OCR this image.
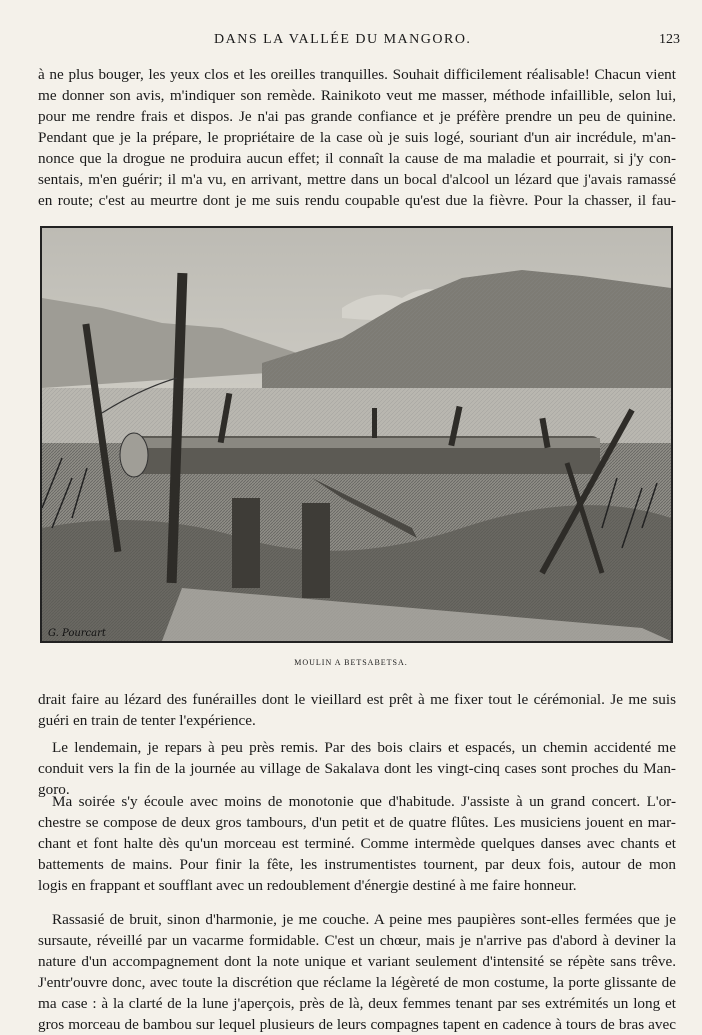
DANS LA VALLÉE DU MANGORO.	123

à ne plus bouger, les yeux clos et les oreilles tranquilles. Souhait difficilement réalisable! Chacun vient
me donner son avis, m'indiquer son remède. Rainikoto veut me masser, méthode infaillible, selon lui,
pour me rendre frais et dispos. Je n'ai pas grande confiance et je préfère prendre un peu de quinine.
Pendant que je la prépare, le propriétaire de la case où je suis logé, souriant d'un air incrédule, m'an-
nonce que la drogue ne produira aucun effet; il connaît la cause de ma maladie et pourrait, si j'y con-
sentais, m'en guérir; il m'a vu, en arrivant, mettre dans un bocal d'alcool un lézard que j'avais ramassé
en route; c'est au meurtre dont je me suis rendu coupable qu'est due la fièvre. Pour la chasser, il fau-

G. Pourcart
MOULIN A BETSABETSA.

drait faire au lézard des funérailles dont le vieillard est prêt à me fixer tout le cérémonial. Je me suis
guéri en train de tenter l'expérience.

Le lendemain, je repars à peu près remis. Par des bois clairs et espacés, un chemin accidenté me
conduit vers la fin de la journée au village de Sakalava dont les vingt-cinq cases sont proches du Man-
goro.

Ma soirée s'y écoule avec moins de monotonie que d'habitude. J'assiste à un grand concert. L'or-
chestre se compose de deux gros tambours, d'un petit et de quatre flûtes. Les musiciens jouent en mar-
chant et font halte dès qu'un morceau est terminé. Comme intermède quelques danses avec chants et
battements de mains. Pour finir la fête, les instrumentistes tournent, par deux fois, autour de mon
logis en frappant et soufflant avec un redoublement d'énergie destiné à me faire honneur.

Rassasié de bruit, sinon d'harmonie, je me couche. A peine mes paupières sont-elles fermées que je
sursaute, réveillé par un vacarme formidable. C'est un chœur, mais je n'arrive pas d'abord à deviner la
nature d'un accompagnement dont la note unique et variant seulement d'intensité se répète sans trêve.
J'entr'ouvre donc, avec toute la discrétion que réclame la légèreté de mon costume, la porte glissante de
ma case : à la clarté de la lune j'aperçois, près de là, deux femmes tenant par ses extrémités un long et
gros morceau de bambou sur lequel plusieurs de leurs compagnes tapent en cadence à tours de bras avec
